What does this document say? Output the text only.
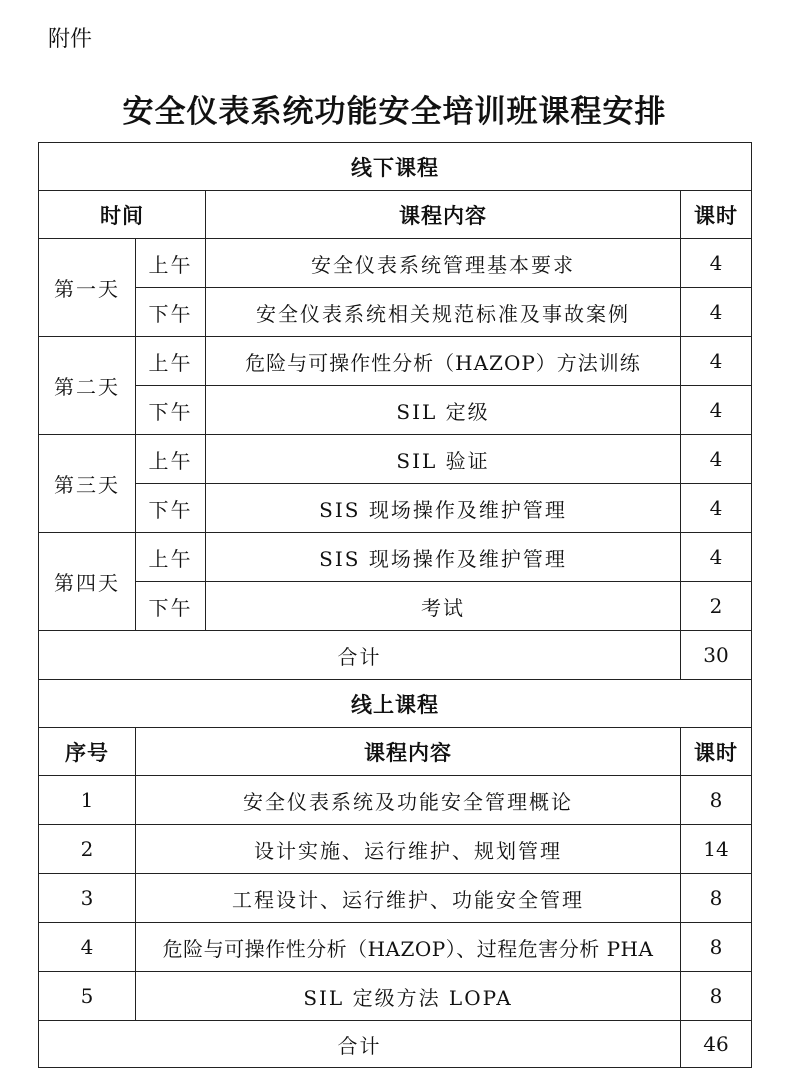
附件
安全仪表系统功能安全培训班课程安排
线下课程			
时间		课程内容	课时
第一天	上午	安全仪表系统管理基本要求	4
	下午	安全仪表系统相关规范标准及事故案例	4
第二天	上午	危险与可操作性分析（HAZOP）方法训练	4
	下午	SIL 定级	4
第三天	上午	SIL 验证	4
	下午	SIS 现场操作及维护管理	4
第四天	上午	SIS 现场操作及维护管理	4
	下午	考试	2
合计			30
线上课程			
序号	课程内容		课时
1	安全仪表系统及功能安全管理概论		8
2	设计实施、运行维护、规划管理		14
3	工程设计、运行维护、功能安全管理		8
4	危险与可操作性分析（HAZOP）、过程危害分析 PHA		8
5	SIL 定级方法 LOPA		8
合计			46
